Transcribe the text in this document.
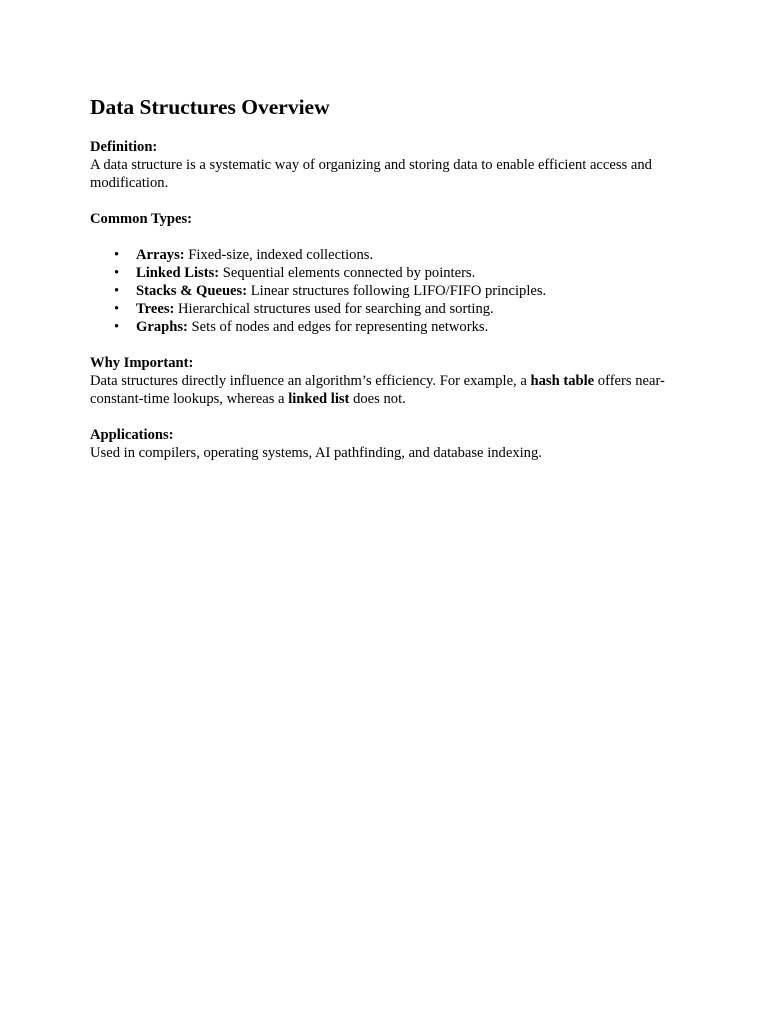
Data Structures Overview
Definition:
A data structure is a systematic way of organizing and storing data to enable efficient access and modification.
Common Types:
• Arrays: Fixed-size, indexed collections.
• Linked Lists: Sequential elements connected by pointers.
• Stacks & Queues: Linear structures following LIFO/FIFO principles.
• Trees: Hierarchical structures used for searching and sorting.
• Graphs: Sets of nodes and edges for representing networks.
Why Important:
Data structures directly influence an algorithm’s efficiency. For example, a hash table offers near-constant-time lookups, whereas a linked list does not.
Applications:
Used in compilers, operating systems, AI pathfinding, and database indexing.
